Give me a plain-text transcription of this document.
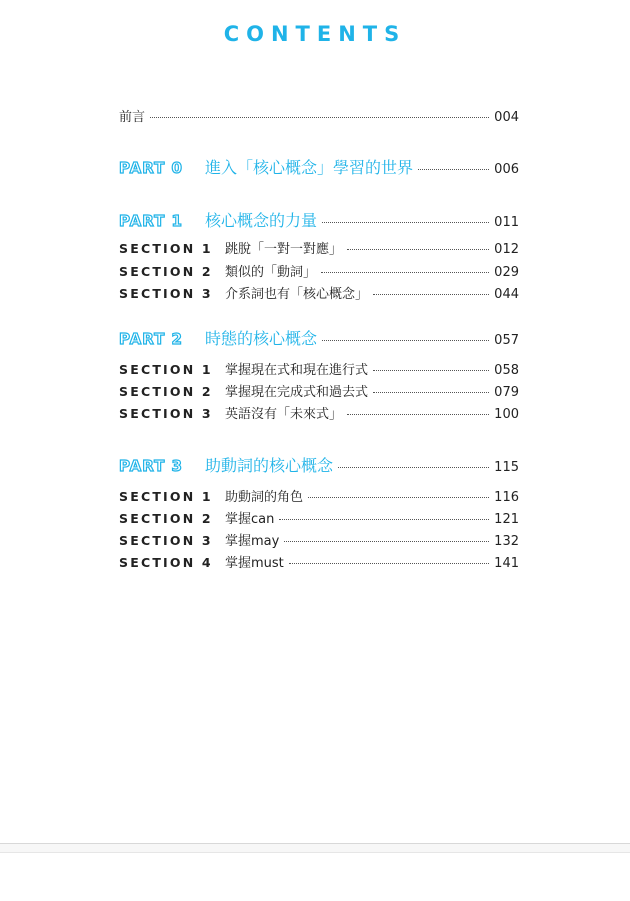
CONTENTS
前言	004
PART 0	進入「核心概念」學習的世界	006
PART 1	核心概念的力量	011
SECTION 1 跳脫「一對一對應」	012
SECTION 2 類似的「動詞」	029
SECTION 3 介系詞也有「核心概念」	044
PART 2	時態的核心概念	057
SECTION 1 掌握現在式和現在進行式	058
SECTION 2 掌握現在完成式和過去式	079
SECTION 3 英語沒有「未來式」	100
PART 3	助動詞的核心概念	115
SECTION 1 助動詞的角色	116
SECTION 2 掌握can	121
SECTION 3 掌握may	132
SECTION 4 掌握must	141
